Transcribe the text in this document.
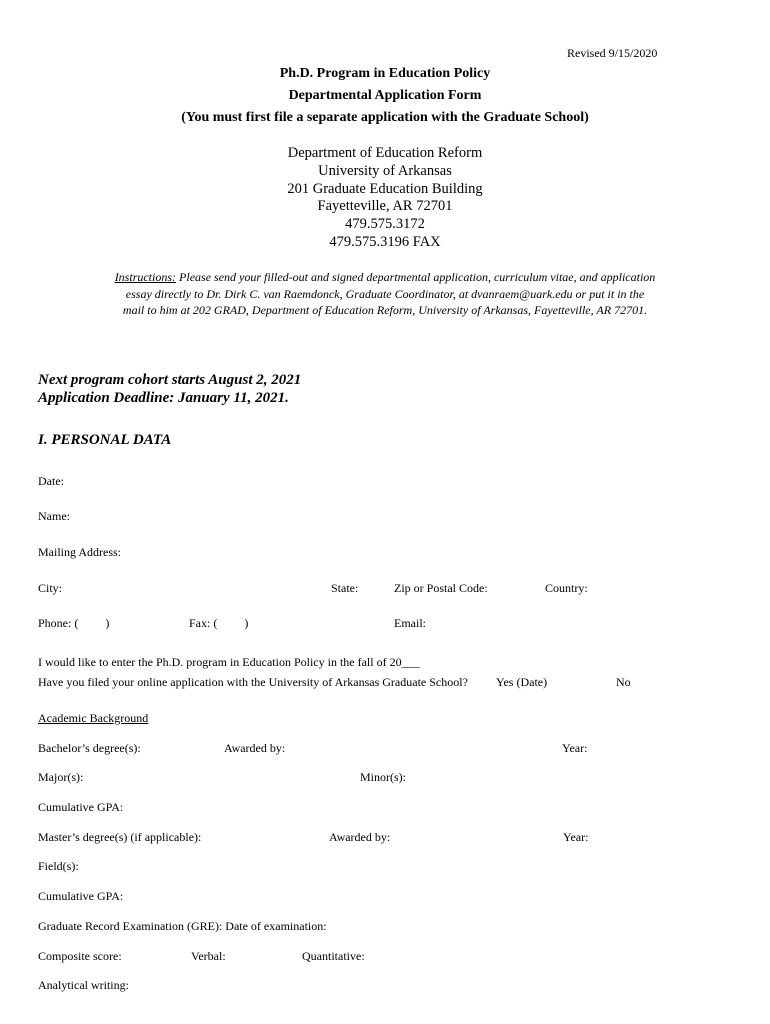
Revised 9/15/2020
Ph.D. Program in Education Policy
Departmental Application Form
(You must first file a separate application with the Graduate School)
Department of Education Reform
University of Arkansas
201 Graduate Education Building
Fayetteville, AR 72701
479.575.3172
479.575.3196 FAX
Instructions: Please send your filled-out and signed departmental application, curriculum vitae, and application
essay directly to Dr. Dirk C. van Raemdonck, Graduate Coordinator, at dvanraem@uark.edu or put it in the
mail to him at 202 GRAD, Department of Education Reform, University of Arkansas, Fayetteville, AR 72701.
Next program cohort starts August 2, 2021
Application Deadline: January 11, 2021.
I. PERSONAL DATA
Date:
Name:
Mailing Address:
City:	State:	Zip or Postal Code:	Country:
Phone: (         )	Fax: (         )	Email:
I would like to enter the Ph.D. program in Education Policy in the fall of 20___
Have you filed your online application with the University of Arkansas Graduate School? Yes (Date)	No
Academic Background
Bachelor’s degree(s):	Awarded by:	Year:
Major(s):	Minor(s):
Cumulative GPA:
Master’s degree(s) (if applicable):	Awarded by:	Year:
Field(s):
Cumulative GPA:
Graduate Record Examination (GRE): Date of examination:
Composite score:	Verbal:	Quantitative:
Analytical writing:
